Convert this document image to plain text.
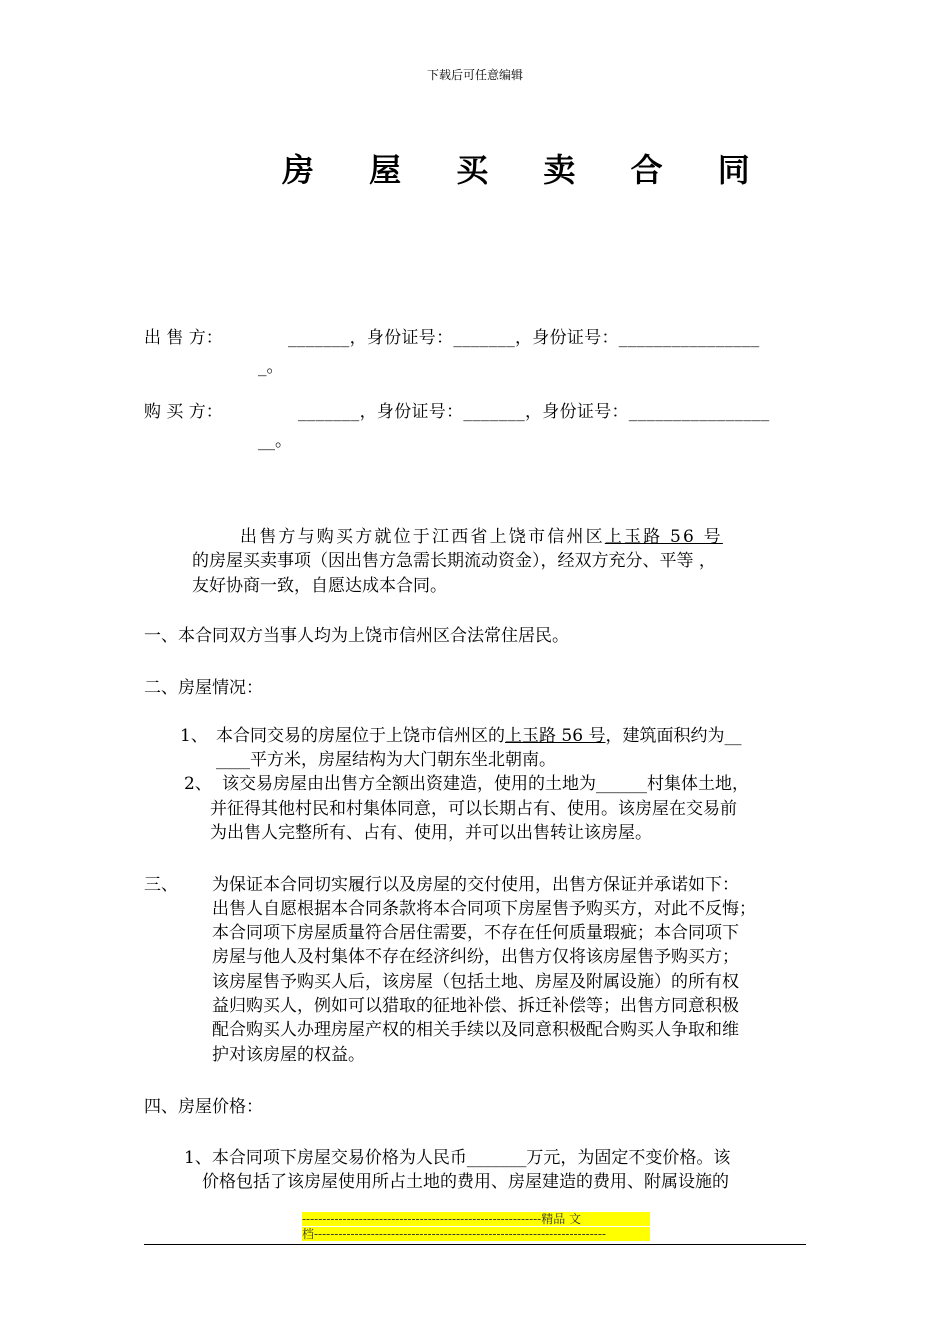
下载后可任意编辑
房 屋 买 卖 合 同
出 售 方：	_______，身份证号：_______，身份证号：________________
_。
购 买 方：	_______，身份证号：_______，身份证号：________________
__。
出售方与购买方就位于江西省上饶市信州区上玉路 56 号
的房屋买卖事项（因出售方急需长期流动资金），经双方充分、平等 ，
友好协商一致，自愿达成本合同。
一、本合同双方当事人均为上饶市信州区合法常住居民。
二、房屋情况：
1、 本合同交易的房屋位于上饶市信州区的上玉路 56 号，建筑面积约为__
____平方米，房屋结构为大门朝东坐北朝南。
2、 该交易房屋由出售方全额出资建造，使用的土地为______村集体土地，
并征得其他村民和村集体同意，可以长期占有、使用。该房屋在交易前
为出售人完整所有、占有、使用，并可以出售转让该房屋。
三、 为保证本合同切实履行以及房屋的交付使用，出售方保证并承诺如下：
出售人自愿根据本合同条款将本合同项下房屋售予购买方，对此不反悔；
本合同项下房屋质量符合居住需要，不存在任何质量瑕疵；本合同项下
房屋与他人及村集体不存在经济纠纷，出售方仅将该房屋售予购买方；
该房屋售予购买人后，该房屋（包括土地、房屋及附属设施）的所有权
益归购买人，例如可以猎取的征地补偿、拆迁补偿等；出售方同意积极
配合购买人办理房屋产权的相关手续以及同意积极配合购买人争取和维
护对该房屋的权益。
四、房屋价格：
1、本合同项下房屋交易价格为人民币_______万元，为固定不变价格。该
价格包括了该房屋使用所占土地的费用、房屋建造的费用、附属设施的
-----------------------------------------------------------精品 文
档------------------------------------------------------------------------
